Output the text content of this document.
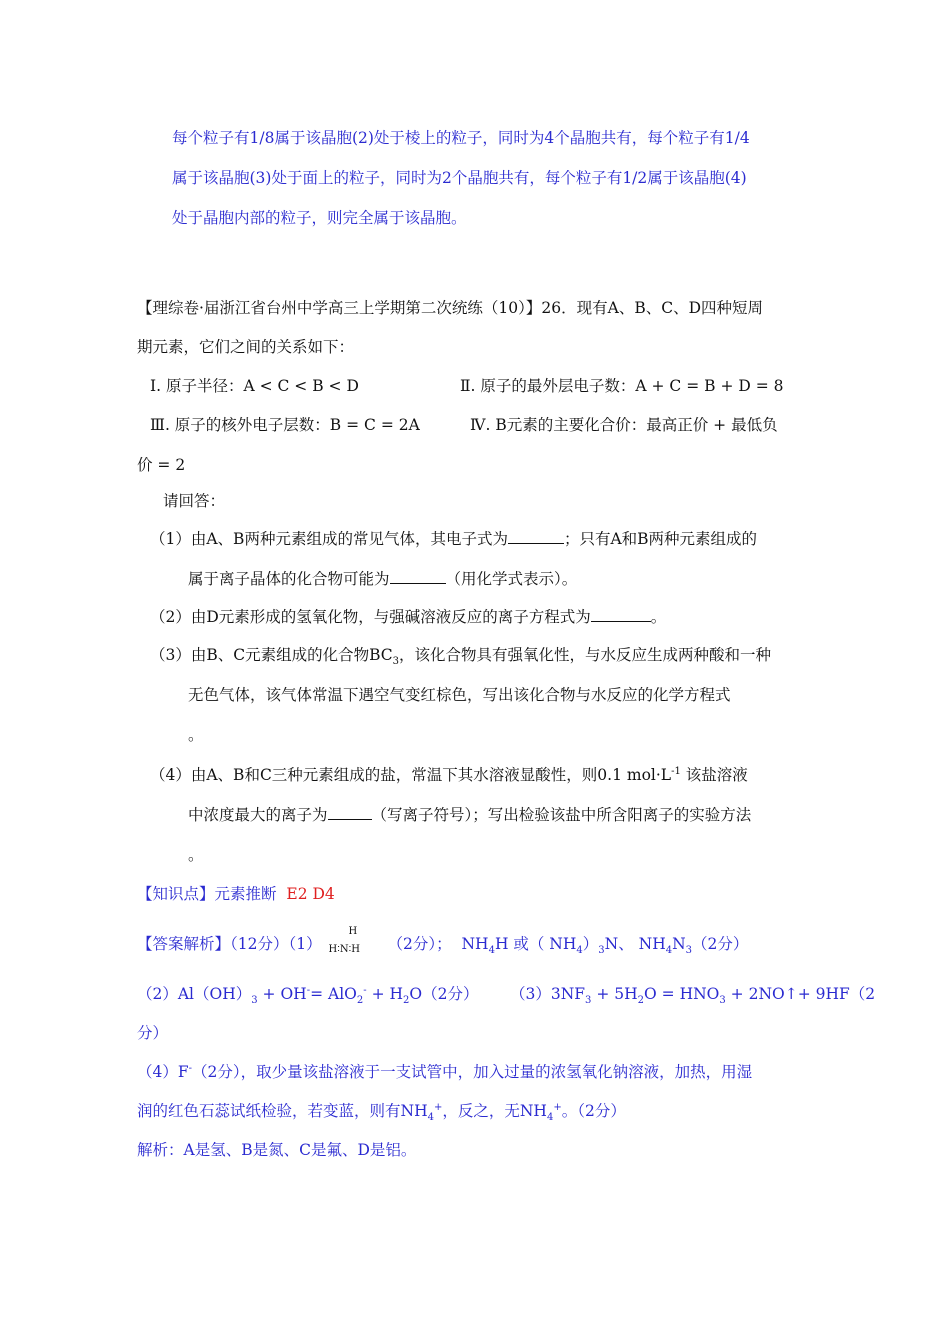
每个粒子有1/8属于该晶胞(2)处于棱上的粒子，同时为4个晶胞共有，每个粒子有1/4
属于该晶胞(3)处于面上的粒子，同时为2个晶胞共有，每个粒子有1/2属于该晶胞(4)
处于晶胞内部的粒子，则完全属于该晶胞。
【理综卷·届浙江省台州中学高三上学期第二次统练（10）】26．现有A、B、C、D四种短周
期元素，它们之间的关系如下：
Ⅰ. 原子半径：A < C < B < D	Ⅱ. 原子的最外层电子数：A + C = B + D = 8
Ⅲ. 原子的核外电子层数：B = C = 2A	Ⅳ. B元素的主要化合价：最高正价 + 最低负
价 = 2
请回答：
（1）由A、B两种元素组成的常见气体，其电子式为	；只有A和B两种元素组成的
属于离子晶体的化合物可能为	（用化学式表示）。
（2）由D元素形成的氢氧化物，与强碱溶液反应的离子方程式为	。
（3）由B、C元素组成的化合物$BC_3$，该化合物具有强氧化性，与水反应生成两种酸和一种
无色气体，该气体常温下遇空气变红棕色，写出该化合物与水反应的化学方程式
。
（4）由A、B和C三种元素组成的盐，常温下其水溶液显酸性，则0.1 $mol\cdot L^{-1}$ 该盐溶液
中浓度最大的离子为	（写离子符号）；写出检验该盐中所含阳离子的实验方法
。
【知识点】元素推断 E2 D4
【答案解析】（12分）（1）
H
H∶N∶H （2分）； $NH_4H$ 或（ $NH_4)_3N$、 $NH_4N_3(2$分）
$(2)Al(OH)_3 + OH^-= AlO_2^- + H_2O(2$分） $(3)3NF_3 + 5H_2O = HNO_3$ + 2NO↑+ 9HF（2
分）
（4）F-（2分），取少量该盐溶液于一支试管中，加入过量的浓氢氧化钠溶液，加热，用湿
润的红色石蕊试纸检验，若变蓝，则有$NH_4^+$，反之，无$NH_4^+$。（2分）
解析：A是氢、B是氮、C是氟、D是铝。
